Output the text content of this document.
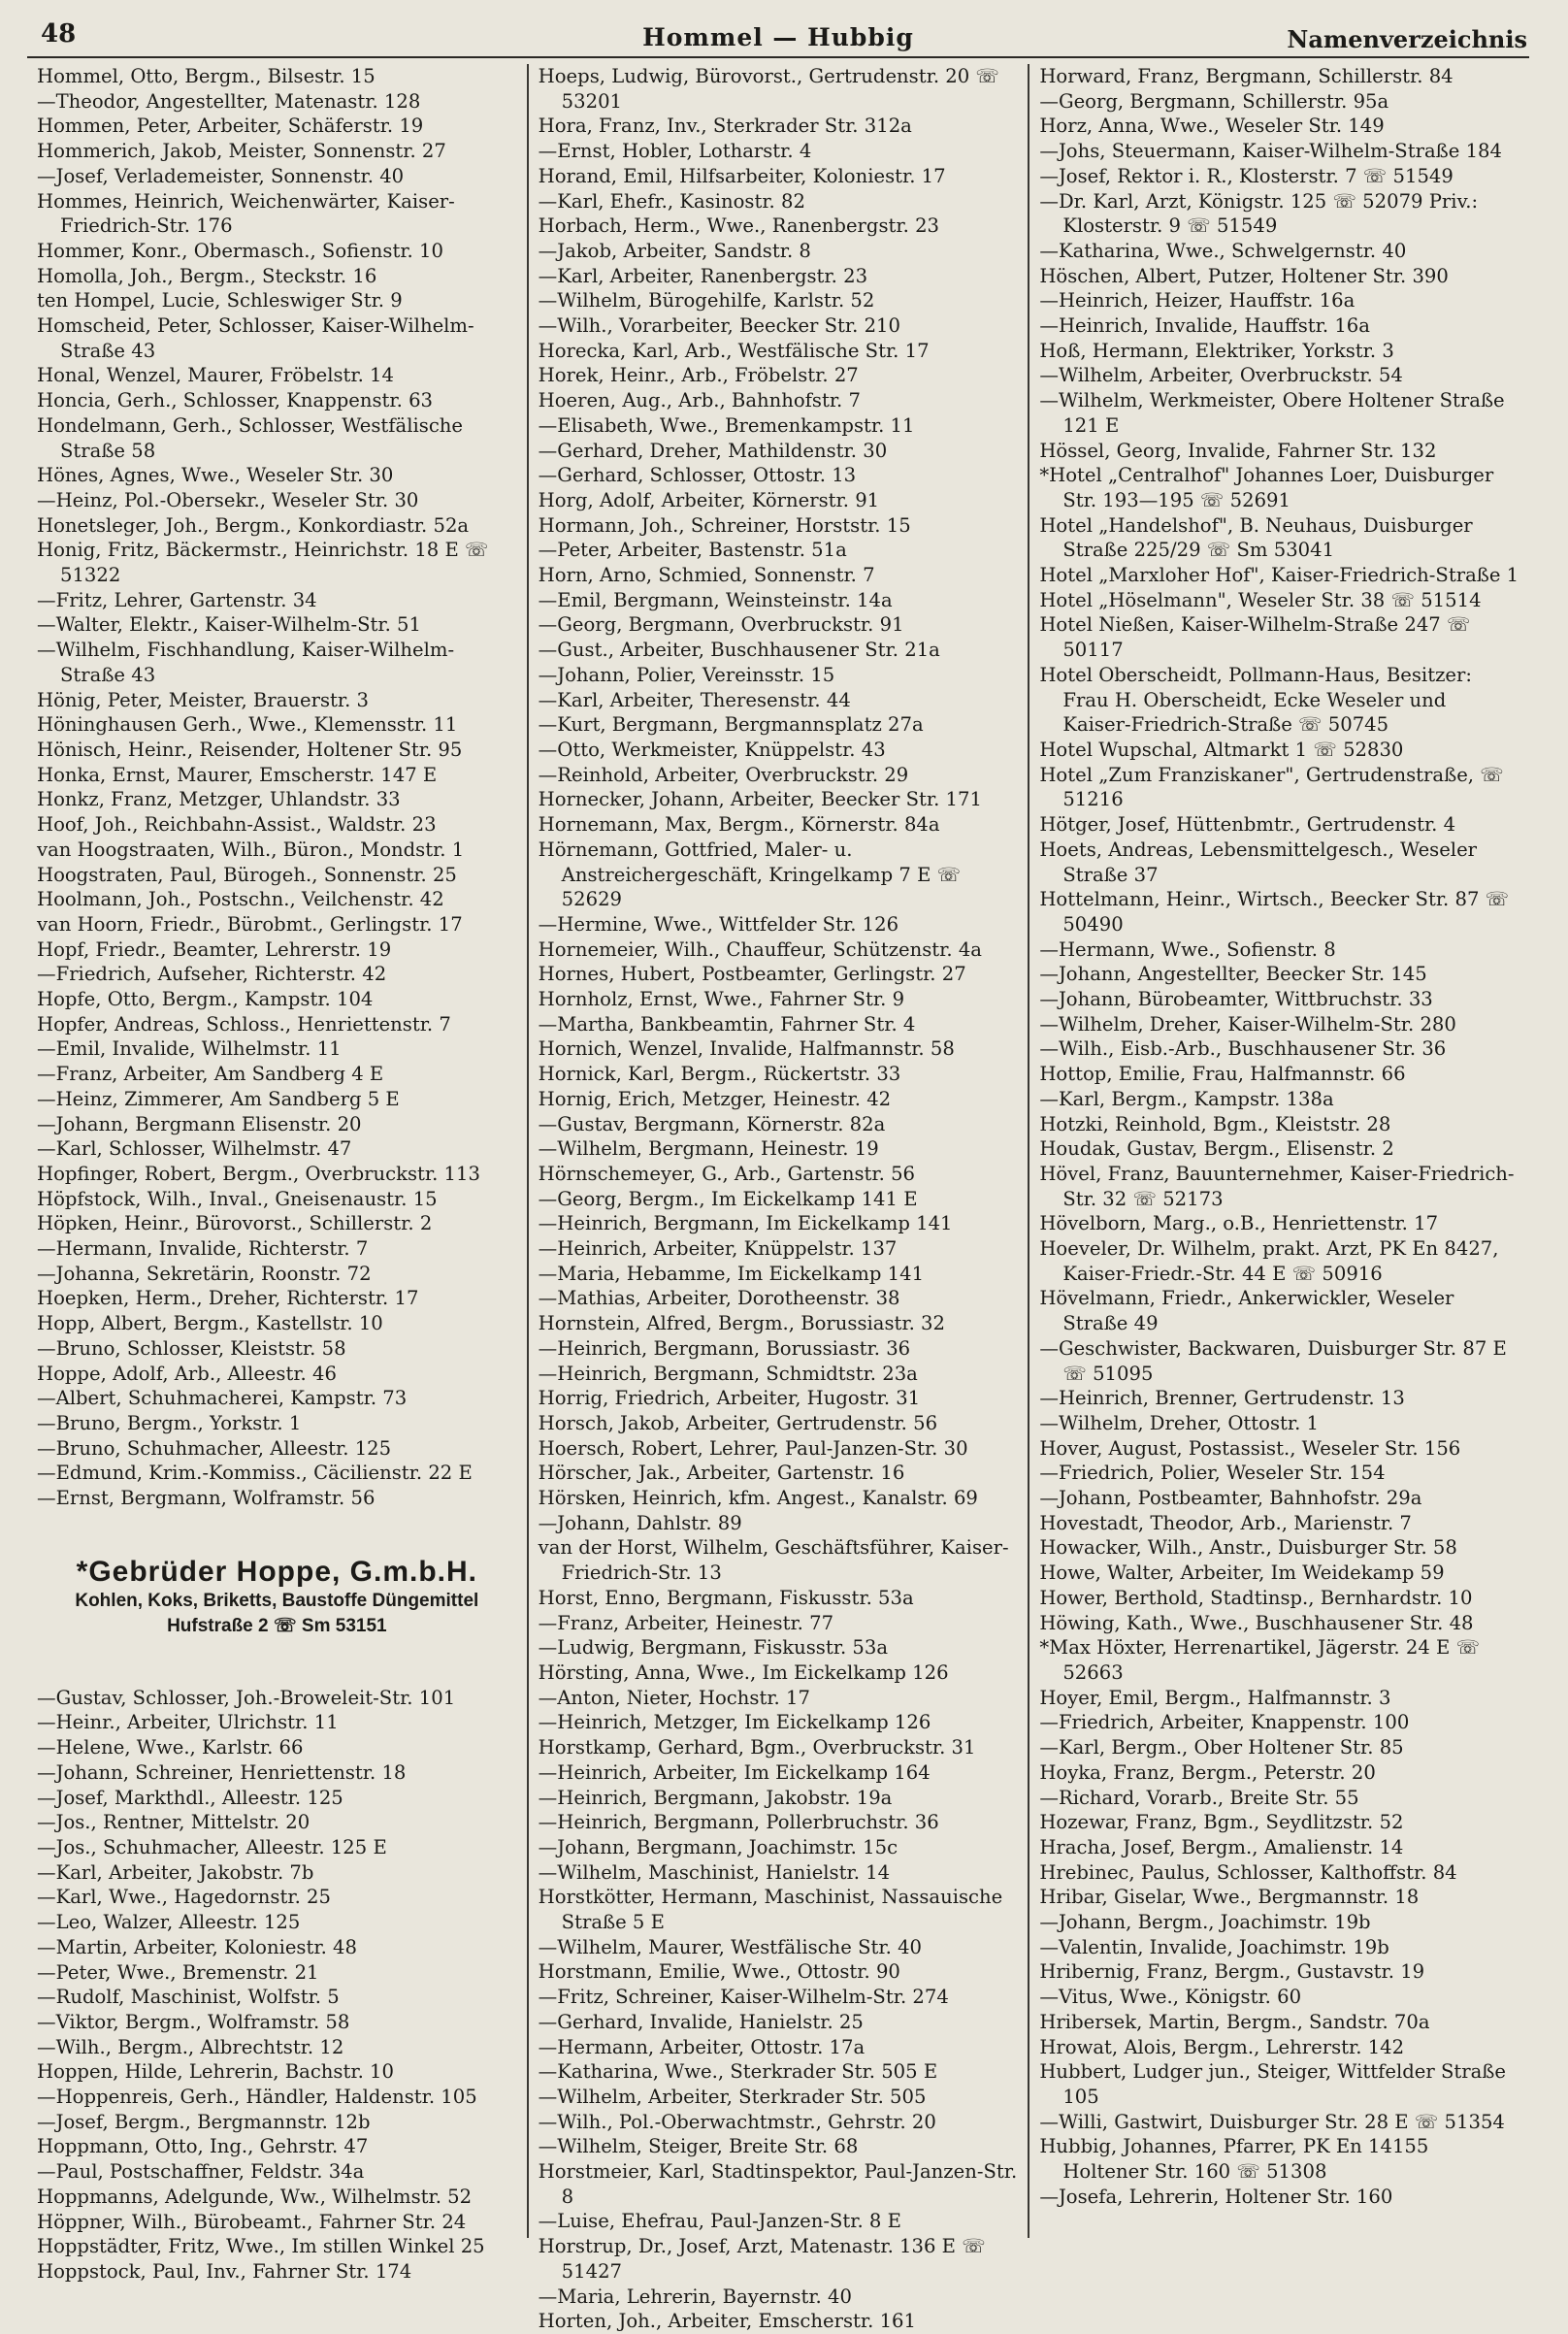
48	Hommel — Hubbig	Namenverzeichnis
Hommel, Otto, Bergm., Bilsestr. 15
—Theodor, Angestellter, Matenastr. 128
Hommen, Peter, Arbeiter, Schäferstr. 19
Hommerich, Jakob, Meister, Sonnenstr. 27
—Josef, Verlademeister, Sonnenstr. 40
Hommes, Heinrich, Weichenwärter, Kaiser-Friedrich-Str. 176
Hommer, Konr., Obermasch., Sofienstr. 10
Homolla, Joh., Bergm., Steckstr. 16
ten Hompel, Lucie, Schleswiger Str. 9
Homscheid, Peter, Schlosser, Kaiser-Wilhelm-Straße 43
Honal, Wenzel, Maurer, Fröbelstr. 14
Honcia, Gerh., Schlosser, Knappenstr. 63
Hondelmann, Gerh., Schlosser, Westfälische Straße 58
Hönes, Agnes, Wwe., Weseler Str. 30
—Heinz, Pol.-Obersekr., Weseler Str. 30
Honetsleger, Joh., Bergm., Konkordiastr. 52a
Honig, Fritz, Bäckermstr., Heinrichstr. 18 E ☏ 51322
—Fritz, Lehrer, Gartenstr. 34
—Walter, Elektr., Kaiser-Wilhelm-Str. 51
—Wilhelm, Fischhandlung, Kaiser-Wilhelm-Straße 43
Hönig, Peter, Meister, Brauerstr. 3
Höninghausen Gerh., Wwe., Klemensstr. 11
Hönisch, Heinr., Reisender, Holtener Str. 95
Honka, Ernst, Maurer, Emscherstr. 147 E
Honkz, Franz, Metzger, Uhlandstr. 33
Hoof, Joh., Reichbahn-Assist., Waldstr. 23
van Hoogstraaten, Wilh., Büron., Mondstr. 1
Hoogstraten, Paul, Bürogeh., Sonnenstr. 25
Hoolmann, Joh., Postschn., Veilchenstr. 42
van Hoorn, Friedr., Bürobmt., Gerlingstr. 17
Hopf, Friedr., Beamter, Lehrerstr. 19
—Friedrich, Aufseher, Richterstr. 42
Hopfe, Otto, Bergm., Kampstr. 104
Hopfer, Andreas, Schloss., Henriettenstr. 7
—Emil, Invalide, Wilhelmstr. 11
—Franz, Arbeiter, Am Sandberg 4 E
—Heinz, Zimmerer, Am Sandberg 5 E
—Johann, Bergmann Elisenstr. 20
—Karl, Schlosser, Wilhelmstr. 47
Hopfinger, Robert, Bergm., Overbruckstr. 113
Höpfstock, Wilh., Inval., Gneisenaustr. 15
Höpken, Heinr., Bürovorst., Schillerstr. 2
—Hermann, Invalide, Richterstr. 7
—Johanna, Sekretärin, Roonstr. 72
Hoepken, Herm., Dreher, Richterstr. 17
Hopp, Albert, Bergm., Kastellstr. 10
—Bruno, Schlosser, Kleiststr. 58
Hoppe, Adolf, Arb., Alleestr. 46
—Albert, Schuhmacherei, Kampstr. 73
—Bruno, Bergm., Yorkstr. 1
—Bruno, Schuhmacher, Alleestr. 125
—Edmund, Krim.-Kommiss., Cäcilienstr. 22 E
—Ernst, Bergmann, Wolframstr. 56
*Gebrüder Hoppe, G.m.b.H.
Kohlen, Koks, Briketts, Baustoffe Düngemittel
Hufstraße 2 ☏ Sm 53151
—Gustav, Schlosser, Joh.-Broweleit-Str. 101
—Heinr., Arbeiter, Ulrichstr. 11
—Helene, Wwe., Karlstr. 66
—Johann, Schreiner, Henriettenstr. 18
—Josef, Markthdl., Alleestr. 125
—Jos., Rentner, Mittelstr. 20
—Jos., Schuhmacher, Alleestr. 125 E
—Karl, Arbeiter, Jakobstr. 7b
—Karl, Wwe., Hagedornstr. 25
—Leo, Walzer, Alleestr. 125
—Martin, Arbeiter, Koloniestr. 48
—Peter, Wwe., Bremenstr. 21
—Rudolf, Maschinist, Wolfstr. 5
—Viktor, Bergm., Wolframstr. 58
—Wilh., Bergm., Albrechtstr. 12
Hoppen, Hilde, Lehrerin, Bachstr. 10
—Hoppenreis, Gerh., Händler, Haldenstr. 105
—Josef, Bergm., Bergmannstr. 12b
Hoppmann, Otto, Ing., Gehrstr. 47
—Paul, Postschaffner, Feldstr. 34a
Hoppmanns, Adelgunde, Ww., Wilhelmstr. 52
Höppner, Wilh., Bürobeamt., Fahrner Str. 24
Hoppstädter, Fritz, Wwe., Im stillen Winkel 25
Hoppstock, Paul, Inv., Fahrner Str. 174
Hoeps, Ludwig, Bürovorst., Gertrudenstr. 20 ☏ 53201
Hora, Franz, Inv., Sterkrader Str. 312a
—Ernst, Hobler, Lotharstr. 4
Horand, Emil, Hilfsarbeiter, Koloniestr. 17
—Karl, Ehefr., Kasinostr. 82
Horbach, Herm., Wwe., Ranenbergstr. 23
—Jakob, Arbeiter, Sandstr. 8
—Karl, Arbeiter, Ranenbergstr. 23
—Wilhelm, Bürogehilfe, Karlstr. 52
—Wilh., Vorarbeiter, Beecker Str. 210
Horecka, Karl, Arb., Westfälische Str. 17
Horek, Heinr., Arb., Fröbelstr. 27
Hoeren, Aug., Arb., Bahnhofstr. 7
—Elisabeth, Wwe., Bremenkampstr. 11
—Gerhard, Dreher, Mathildenstr. 30
—Gerhard, Schlosser, Ottostr. 13
Horg, Adolf, Arbeiter, Körnerstr. 91
Hormann, Joh., Schreiner, Horststr. 15
—Peter, Arbeiter, Bastenstr. 51a
Horn, Arno, Schmied, Sonnenstr. 7
—Emil, Bergmann, Weinsteinstr. 14a
—Georg, Bergmann, Overbruckstr. 91
—Gust., Arbeiter, Buschhausener Str. 21a
—Johann, Polier, Vereinsstr. 15
—Karl, Arbeiter, Theresenstr. 44
—Kurt, Bergmann, Bergmannsplatz 27a
—Otto, Werkmeister, Knüppelstr. 43
—Reinhold, Arbeiter, Overbruckstr. 29
Hornecker, Johann, Arbeiter, Beecker Str. 171
Hornemann, Max, Bergm., Körnerstr. 84a
Hörnemann, Gottfried, Maler- u. Anstreichergeschäft, Kringelkamp 7 E ☏ 52629
—Hermine, Wwe., Wittfelder Str. 126
Hornemeier, Wilh., Chauffeur, Schützenstr. 4a
Hornes, Hubert, Postbeamter, Gerlingstr. 27
Hornholz, Ernst, Wwe., Fahrner Str. 9
—Martha, Bankbeamtin, Fahrner Str. 4
Hornich, Wenzel, Invalide, Halfmannstr. 58
Hornick, Karl, Bergm., Rückertstr. 33
Hornig, Erich, Metzger, Heinestr. 42
—Gustav, Bergmann, Körnerstr. 82a
—Wilhelm, Bergmann, Heinestr. 19
Hörnschemeyer, G., Arb., Gartenstr. 56
—Georg, Bergm., Im Eickelkamp 141 E
—Heinrich, Bergmann, Im Eickelkamp 141
—Heinrich, Arbeiter, Knüppelstr. 137
—Maria, Hebamme, Im Eickelkamp 141
—Mathias, Arbeiter, Dorotheenstr. 38
Hornstein, Alfred, Bergm., Borussiastr. 32
—Heinrich, Bergmann, Borussiastr. 36
—Heinrich, Bergmann, Schmidtstr. 23a
Horrig, Friedrich, Arbeiter, Hugostr. 31
Horsch, Jakob, Arbeiter, Gertrudenstr. 56
Hoersch, Robert, Lehrer, Paul-Janzen-Str. 30
Hörscher, Jak., Arbeiter, Gartenstr. 16
Hörsken, Heinrich, kfm. Angest., Kanalstr. 69
—Johann, Dahlstr. 89
van der Horst, Wilhelm, Geschäftsführer, Kaiser-Friedrich-Str. 13
Horst, Enno, Bergmann, Fiskusstr. 53a
—Franz, Arbeiter, Heinestr. 77
—Ludwig, Bergmann, Fiskusstr. 53a
Hörsting, Anna, Wwe., Im Eickelkamp 126
—Anton, Nieter, Hochstr. 17
—Heinrich, Metzger, Im Eickelkamp 126
Horstkamp, Gerhard, Bgm., Overbruckstr. 31
—Heinrich, Arbeiter, Im Eickelkamp 164
—Heinrich, Bergmann, Jakobstr. 19a
—Heinrich, Bergmann, Pollerbruchstr. 36
—Johann, Bergmann, Joachimstr. 15c
—Wilhelm, Maschinist, Hanielstr. 14
Horstkötter, Hermann, Maschinist, Nassauische Straße 5 E
—Wilhelm, Maurer, Westfälische Str. 40
Horstmann, Emilie, Wwe., Ottostr. 90
—Fritz, Schreiner, Kaiser-Wilhelm-Str. 274
—Gerhard, Invalide, Hanielstr. 25
—Hermann, Arbeiter, Ottostr. 17a
—Katharina, Wwe., Sterkrader Str. 505 E
—Wilhelm, Arbeiter, Sterkrader Str. 505
—Wilh., Pol.-Oberwachtmstr., Gehrstr. 20
—Wilhelm, Steiger, Breite Str. 68
Horstmeier, Karl, Stadtinspektor, Paul-Janzen-Str. 8
—Luise, Ehefrau, Paul-Janzen-Str. 8 E
Horstrup, Dr., Josef, Arzt, Matenastr. 136 E ☏ 51427
—Maria, Lehrerin, Bayernstr. 40
Horten, Joh., Arbeiter, Emscherstr. 161
Horward, Franz, Bergmann, Schillerstr. 84
—Georg, Bergmann, Schillerstr. 95a
Horz, Anna, Wwe., Weseler Str. 149
—Johs, Steuermann, Kaiser-Wilhelm-Straße 184
—Josef, Rektor i. R., Klosterstr. 7 ☏ 51549
—Dr. Karl, Arzt, Königstr. 125 ☏ 52079 Priv.: Klosterstr. 9 ☏ 51549
—Katharina, Wwe., Schwelgernstr. 40
Höschen, Albert, Putzer, Holtener Str. 390
—Heinrich, Heizer, Hauffstr. 16a
—Heinrich, Invalide, Hauffstr. 16a
Hoß, Hermann, Elektriker, Yorkstr. 3
—Wilhelm, Arbeiter, Overbruckstr. 54
—Wilhelm, Werkmeister, Obere Holtener Straße 121 E
Hössel, Georg, Invalide, Fahrner Str. 132
*Hotel „Centralhof" Johannes Loer, Duisburger Str. 193—195 ☏ 52691
Hotel „Handelshof", B. Neuhaus, Duisburger Straße 225/29 ☏ Sm 53041
Hotel „Marxloher Hof", Kaiser-Friedrich-Straße 1
Hotel „Höselmann", Weseler Str. 38 ☏ 51514
Hotel Nießen, Kaiser-Wilhelm-Straße 247 ☏ 50117
Hotel Oberscheidt, Pollmann-Haus, Besitzer: Frau H. Oberscheidt, Ecke Weseler und Kaiser-Friedrich-Straße ☏ 50745
Hotel Wupschal, Altmarkt 1 ☏ 52830
Hotel „Zum Franziskaner", Gertrudenstraße, ☏ 51216
Hötger, Josef, Hüttenbmtr., Gertrudenstr. 4
Hoets, Andreas, Lebensmittelgesch., Weseler Straße 37
Hottelmann, Heinr., Wirtsch., Beecker Str. 87 ☏ 50490
—Hermann, Wwe., Sofienstr. 8
—Johann, Angestellter, Beecker Str. 145
—Johann, Bürobeamter, Wittbruchstr. 33
—Wilhelm, Dreher, Kaiser-Wilhelm-Str. 280
—Wilh., Eisb.-Arb., Buschhausener Str. 36
Hottop, Emilie, Frau, Halfmannstr. 66
—Karl, Bergm., Kampstr. 138a
Hotzki, Reinhold, Bgm., Kleiststr. 28
Houdak, Gustav, Bergm., Elisenstr. 2
Hövel, Franz, Bauunternehmer, Kaiser-Friedrich-Str. 32 ☏ 52173
Hövelborn, Marg., o.B., Henriettenstr. 17
Hoeveler, Dr. Wilhelm, prakt. Arzt, PK En 8427, Kaiser-Friedr.-Str. 44 E ☏ 50916
Hövelmann, Friedr., Ankerwickler, Weseler Straße 49
—Geschwister, Backwaren, Duisburger Str. 87 E ☏ 51095
—Heinrich, Brenner, Gertrudenstr. 13
—Wilhelm, Dreher, Ottostr. 1
Hover, August, Postassist., Weseler Str. 156
—Friedrich, Polier, Weseler Str. 154
—Johann, Postbeamter, Bahnhofstr. 29a
Hovestadt, Theodor, Arb., Marienstr. 7
Howacker, Wilh., Anstr., Duisburger Str. 58
Howe, Walter, Arbeiter, Im Weidekamp 59
Hower, Berthold, Stadtinsp., Bernhardstr. 10
Höwing, Kath., Wwe., Buschhausener Str. 48
*Max Höxter, Herrenartikel, Jägerstr. 24 E ☏ 52663
Hoyer, Emil, Bergm., Halfmannstr. 3
—Friedrich, Arbeiter, Knappenstr. 100
—Karl, Bergm., Ober Holtener Str. 85
Hoyka, Franz, Bergm., Peterstr. 20
—Richard, Vorarb., Breite Str. 55
Hozewar, Franz, Bgm., Seydlitzstr. 52
Hracha, Josef, Bergm., Amalienstr. 14
Hrebinec, Paulus, Schlosser, Kalthoffstr. 84
Hribar, Giselar, Wwe., Bergmannstr. 18
—Johann, Bergm., Joachimstr. 19b
—Valentin, Invalide, Joachimstr. 19b
Hribernig, Franz, Bergm., Gustavstr. 19
—Vitus, Wwe., Königstr. 60
Hribersek, Martin, Bergm., Sandstr. 70a
Hrowat, Alois, Bergm., Lehrerstr. 142
Hubbert, Ludger jun., Steiger, Wittfelder Straße 105
—Willi, Gastwirt, Duisburger Str. 28 E ☏ 51354
Hubbig, Johannes, Pfarrer, PK En 14155 Holtener Str. 160 ☏ 51308
—Josefa, Lehrerin, Holtener Str. 160
